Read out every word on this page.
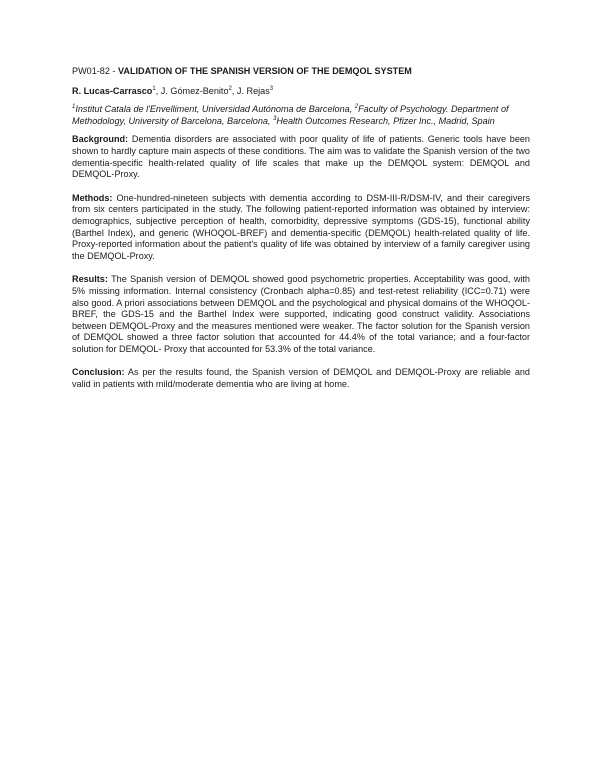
PW01-82 - VALIDATION OF THE SPANISH VERSION OF THE DEMQOL SYSTEM

R. Lucas-Carrasco$^1$, J. Gómez-Benito$^2$, J. Rejas$^3$

$^1$Institut Catala de l'Envelliment, Universidad Autónoma de Barcelona, $^2$Faculty of Psychology. Department of Methodology, University of Barcelona, Barcelona, $^3$Health Outcomes Research, Pfizer Inc., Madrid, Spain

Background: Dementia disorders are associated with poor quality of life of patients. Generic tools have been shown to hardly capture main aspects of these conditions. The aim was to validate the Spanish version of the two dementia-specific health-related quality of life scales that make up the DEMQOL system: DEMQOL and DEMQOL-Proxy.

Methods: One-hundred-nineteen subjects with dementia according to DSM-III-R/DSM-IV, and their caregivers from six centers participated in the study. The following patient-reported information was obtained by interview: demographics, subjective perception of health, comorbidity, depressive symptoms (GDS-15), functional ability (Barthel Index), and generic (WHOQOL-BREF) and dementia-specific (DEMQOL) health-related quality of life. Proxy-reported information about the patient's quality of life was obtained by interview of a family caregiver using the DEMQOL-Proxy.

Results: The Spanish version of DEMQOL showed good psychometric properties. Acceptability was good, with 5% missing information. Internal consistency (Cronbach alpha=0.85) and test-retest reliability (ICC=0.71) were also good. A priori associations between DEMQOL and the psychological and physical domains of the WHOQOL-BREF, the GDS-15 and the Barthel Index were supported, indicating good construct validity. Associations between DEMQOL-Proxy and the measures mentioned were weaker. The factor solution for the Spanish version of DEMQOL showed a three factor solution that accounted for 44.4% of the total variance; and a four-factor solution for DEMQOL- Proxy that accounted for 53.3% of the total variance.

Conclusion: As per the results found, the Spanish version of DEMQOL and DEMQOL-Proxy are reliable and valid in patients with mild/moderate dementia who are living at home.
